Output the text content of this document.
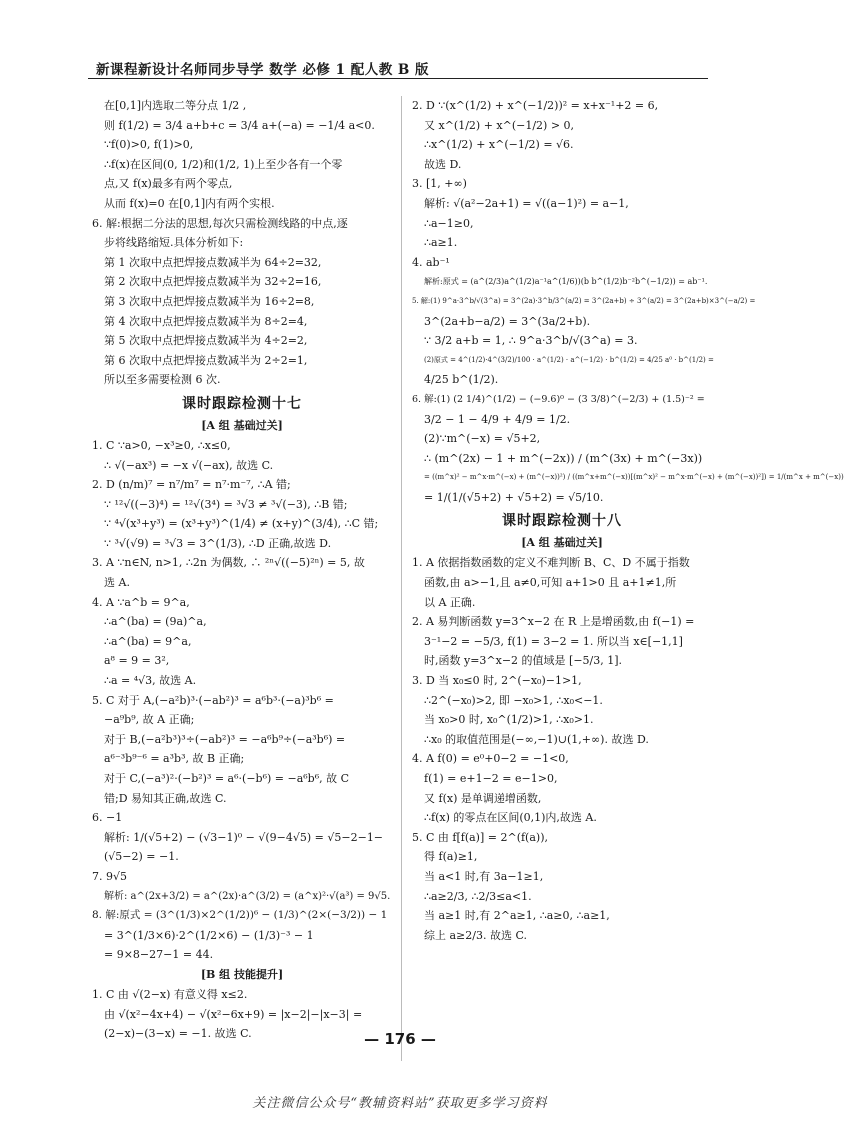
新课程新设计名师同步导学 数学 必修 1 配人教 B 版
在[0,1]内选取二等分点 1/2 ,
则 f(1/2) = 3/4 a+b+c = 3/4 a+(−a) = −1/4 a<0.
∵f(0)>0, f(1)>0,
∴f(x)在区间(0, 1/2)和(1/2, 1)上至少各有一个零
点,又 f(x)最多有两个零点,
从而 f(x)=0 在[0,1]内有两个实根.
6. 解:根据二分法的思想,每次只需检测线路的中点,逐
步将线路缩短.具体分析如下:
第 1 次取中点把焊接点数减半为 64÷2=32,
第 2 次取中点把焊接点数减半为 32÷2=16,
第 3 次取中点把焊接点数减半为 16÷2=8,
第 4 次取中点把焊接点数减半为 8÷2=4,
第 5 次取中点把焊接点数减半为 4÷2=2,
第 6 次取中点把焊接点数减半为 2÷2=1,
所以至多需要检测 6 次.
课时跟踪检测十七
[A 组 基础过关]
1. C ∵a>0, −x³≥0, ∴x≤0,
∴ √(−ax³) = −x √(−ax), 故选 C.
2. D (n/m)⁷ = n⁷/m⁷ = n⁷·m⁻⁷, ∴A 错;
∵ ¹²√((−3)⁴) = ¹²√(3⁴) = ³√3 ≠ ³√(−3), ∴B 错;
∵ ⁴√(x³+y³) = (x³+y³)^(1/4) ≠ (x+y)^(3/4), ∴C 错;
∵ ³√(√9) = ³√3 = 3^(1/3), ∴D 正确,故选 D.
3. A ∵n∈N, n>1, ∴2n 为偶数, ∴ ²ⁿ√((−5)²ⁿ) = 5, 故
选 A.
4. A ∵a^b = 9^a,
∴a^(ba) = (9a)^a,
∴a^(ba) = 9^a,
a⁸ = 9 = 3²,
∴a = ⁴√3, 故选 A.
5. C 对于 A,(−a²b)³·(−ab²)³ = a⁶b³·(−a)³b⁶ =
−a⁹b⁹, 故 A 正确;
对于 B,(−a²b³)³÷(−ab²)³ = −a⁶b⁹÷(−a³b⁶) =
a⁶⁻³b⁹⁻⁶ = a³b³, 故 B 正确;
对于 C,(−a³)²·(−b²)³ = a⁶·(−b⁶) = −a⁶b⁶, 故 C
错;D 易知其正确,故选 C.
6. −1
解析: 1/(√5+2) − (√3−1)⁰ − √(9−4√5) = √5−2−1−
(√5−2) = −1.
7. 9√5
解析: a^(2x+3/2) = a^(2x)·a^(3/2) = (a^x)²·√(a³) = 9√5.
8. 解:原式 = (3^(1/3)×2^(1/2))⁶ − (1/3)^(2×(−3/2)) − 1
= 3^(1/3×6)·2^(1/2×6) − (1/3)⁻³ − 1
= 9×8−27−1 = 44.
[B 组 技能提升]
1. C 由 √(2−x) 有意义得 x≤2.
由 √(x²−4x+4) − √(x²−6x+9) = |x−2|−|x−3| =
(2−x)−(3−x) = −1. 故选 C.
2. D ∵(x^(1/2) + x^(−1/2))² = x+x⁻¹+2 = 6,
又 x^(1/2) + x^(−1/2) > 0,
∴x^(1/2) + x^(−1/2) = √6.
故选 D.
3. [1, +∞)
解析: √(a²−2a+1) = √((a−1)²) = a−1,
∴a−1≥0,
∴a≥1.
4. ab⁻¹
解析:原式 = (a^(2/3)a^(1/2)a⁻¹a^(1/6))(b b^(1/2)b⁻²b^(−1/2)) = ab⁻¹.
5. 解:(1) 9^a·3^b/√(3^a) = 3^(2a)·3^b/3^(a/2) = 3^(2a+b) ÷ 3^(a/2) = 3^(2a+b)×3^(−a/2) =
3^(2a+b−a/2) = 3^(3a/2+b).
∵ 3/2 a+b = 1, ∴ 9^a·3^b/√(3^a) = 3.
(2)原式 = 4^(1/2)·4^(3/2)/100 · a^(1/2) · a^(−1/2) · b^(1/2) = 4/25 a⁰ · b^(1/2) =
4/25 b^(1/2).
6. 解:(1) (2 1/4)^(1/2) − (−9.6)⁰ − (3 3/8)^(−2/3) + (1.5)⁻² =
3/2 − 1 − 4/9 + 4/9 = 1/2.
(2)∵m^(−x) = √5+2,
∴ (m^(2x) − 1 + m^(−2x)) / (m^(3x) + m^(−3x))
= ((m^x)² − m^x·m^(−x) + (m^(−x))²) / ((m^x+m^(−x))[(m^x)² − m^x·m^(−x) + (m^(−x))²]) = 1/(m^x + m^(−x))
= 1/(1/(√5+2) + √5+2) = √5/10.
课时跟踪检测十八
[A 组 基础过关]
1. A 依据指数函数的定义不难判断 B、C、D 不属于指数
函数,由 a>−1,且 a≠0,可知 a+1>0 且 a+1≠1,所
以 A 正确.
2. A 易判断函数 y=3^x−2 在 R 上是增函数,由 f(−1) =
3⁻¹−2 = −5/3, f(1) = 3−2 = 1. 所以当 x∈[−1,1]
时,函数 y=3^x−2 的值域是 [−5/3, 1].
3. D 当 x₀≤0 时, 2^(−x₀)−1>1,
∴2^(−x₀)>2, 即 −x₀>1, ∴x₀<−1.
当 x₀>0 时, x₀^(1/2)>1, ∴x₀>1.
∴x₀ 的取值范围是(−∞,−1)∪(1,+∞). 故选 D.
4. A f(0) = e⁰+0−2 = −1<0,
f(1) = e+1−2 = e−1>0,
又 f(x) 是单调递增函数,
∴f(x) 的零点在区间(0,1)内,故选 A.
5. C 由 f[f(a)] = 2^(f(a)),
得 f(a)≥1,
当 a<1 时,有 3a−1≥1,
∴a≥2/3, ∴2/3≤a<1.
当 a≥1 时,有 2^a≥1, ∴a≥0, ∴a≥1,
综上 a≥2/3. 故选 C.
— 176 —
关注微信公众号“教辅资料站”获取更多学习资料
